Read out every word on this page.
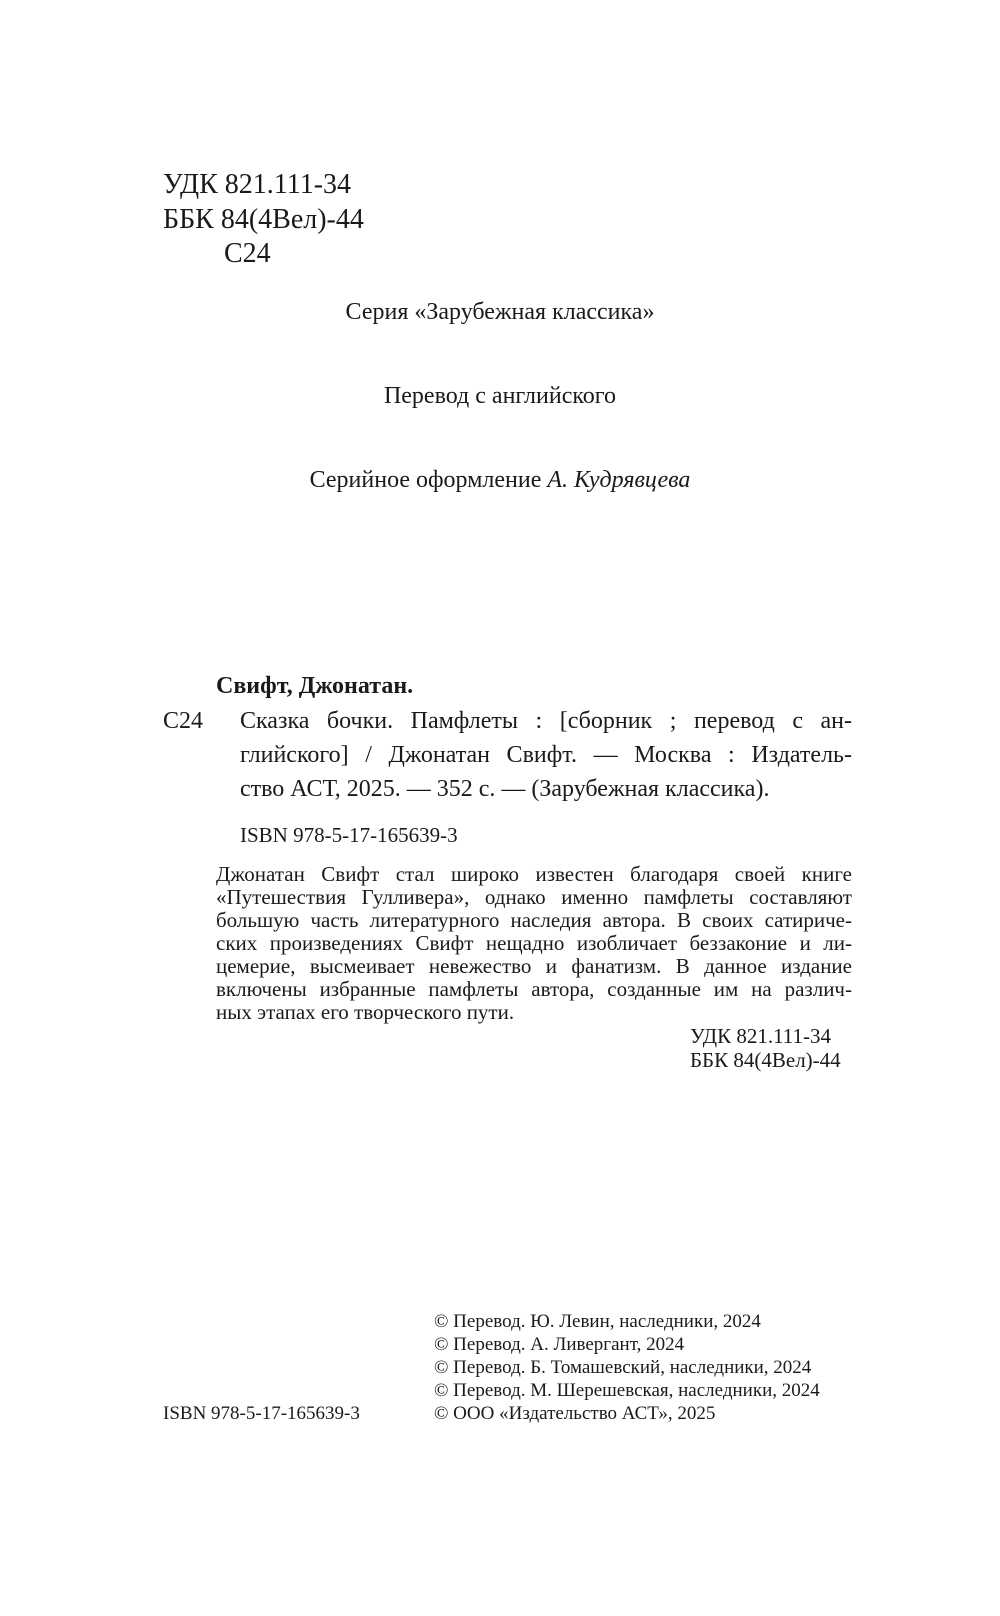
УДК 821.111-34
ББК 84(4Вел)-44
С24
Серия «Зарубежная классика»
Перевод с английского
Серийное оформление А. Кудрявцева
Свифт, Джонатан.
С24 Сказка бочки. Памфлеты : [сборник ; перевод с ан-
глийского] / Джонатан Свифт. — Москва : Издатель-
ство АСТ, 2025. — 352 с. — (Зарубежная классика).
ISBN 978-5-17-165639-3
Джонатан Свифт стал широко известен благодаря своей книге
«Путешествия Гулливера», однако именно памфлеты составляют
большую часть литературного наследия автора. В своих сатириче-
ских произведениях Свифт нещадно изобличает беззаконие и ли-
цемерие, высмеивает невежество и фанатизм. В данное издание
включены избранные памфлеты автора, созданные им на различ-
ных этапах его творческого пути.
УДК 821.111-34
ББК 84(4Вел)-44
© Перевод. Ю. Левин, наследники, 2024
© Перевод. А. Ливергант, 2024
© Перевод. Б. Томашевский, наследники, 2024
© Перевод. М. Шерешевская, наследники, 2024
© ООО «Издательство АСТ», 2025
ISBN 978-5-17-165639-3
